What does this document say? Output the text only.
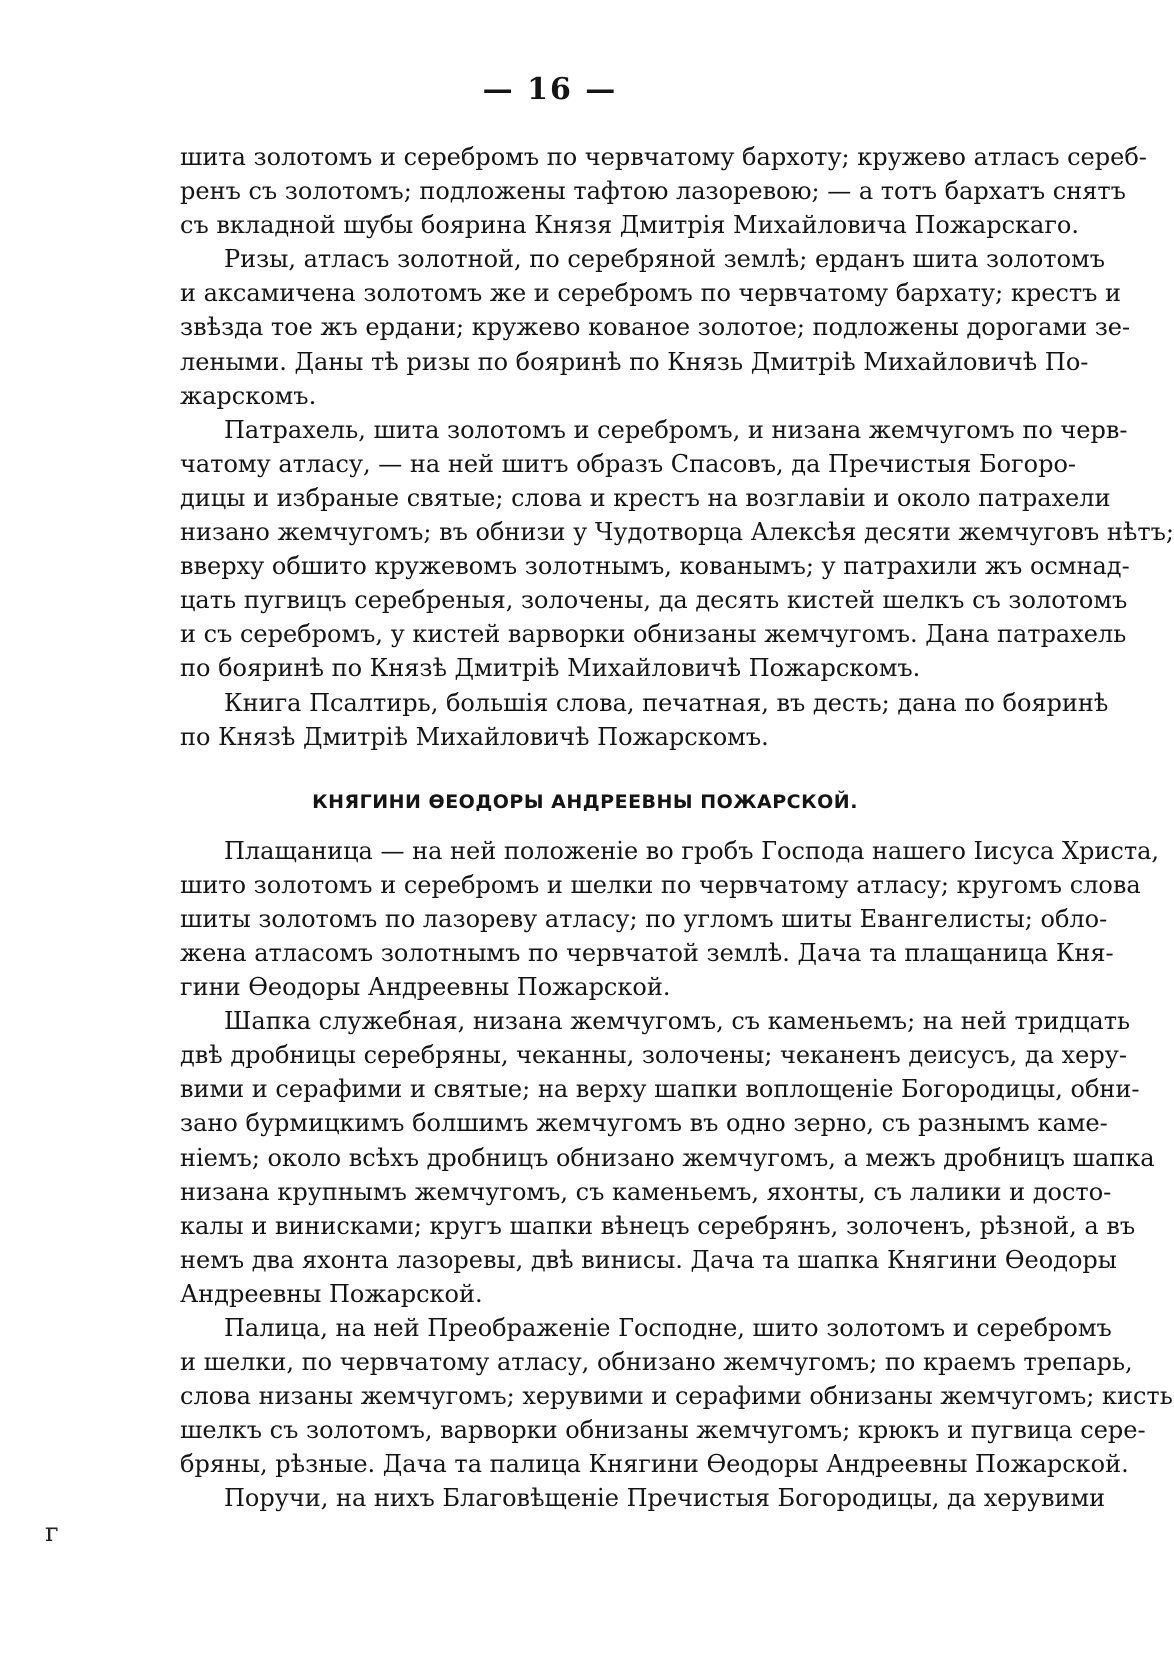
— 16 —
шита золотомъ и серебромъ по червчатому бархоту; кружево атласъ сереб-
ренъ съ золотомъ; подложены тафтою лазоревою; — а тотъ бархатъ снятъ
съ вкладной шубы боярина Князя Дмитрія Михайловича Пожарскаго.
Ризы, атласъ золотной, по серебряной землѣ; ерданъ шита золотомъ
и аксамичена золотомъ же и серебромъ по червчатому бархату; крестъ и
звѣзда тое жъ ердани; кружево кованое золотое; подложены дорогами зе-
леными. Даны тѣ ризы по бояринѣ по Князь Дмитріѣ Михайловичѣ По-
жарскомъ.
Патрахель, шита золотомъ и серебромъ, и низана жемчугомъ по черв-
чатому атласу, — на ней шитъ образъ Спасовъ, да Пречистыя Богоро-
дицы и избраные святые; слова и крестъ на возглавіи и около патрахели
низано жемчугомъ; въ обнизи у Чудотворца Алексѣя десяти жемчуговъ нѣтъ;
вверху обшито кружевомъ золотнымъ, кованымъ; у патрахили жъ осмнад-
цать пугвицъ серебреныя, золочены, да десять кистей шелкъ съ золотомъ
и съ серебромъ, у кистей варворки обнизаны жемчугомъ. Дана патрахель
по бояринѣ по Князѣ Дмитріѣ Михайловичѣ Пожарскомъ.
Книга Псалтирь, большія слова, печатная, въ десть; дана по бояринѣ
по Князѣ Дмитріѣ Михайловичѣ Пожарскомъ.
КНЯГИНИ ӨЕОДОРЫ АНДРЕЕВНЫ ПОЖАРСКОЙ.
Плащаница — на ней положеніе во гробъ Господа нашего Іисуса Христа,
шито золотомъ и серебромъ и шелки по червчатому атласу; кругомъ слова
шиты золотомъ по лазореву атласу; по угломъ шиты Евангелисты; обло-
жена атласомъ золотнымъ по червчатой землѣ. Дача та плащаница Кня-
гини Өеодоры Андреевны Пожарской.
Шапка служебная, низана жемчугомъ, съ каменьемъ; на ней тридцать
двѣ дробницы серебряны, чеканны, золочены; чеканенъ деисусъ, да херу-
вими и серафими и святые; на верху шапки воплощеніе Богородицы, обни-
зано бурмицкимъ болшимъ жемчугомъ въ одно зерно, съ разнымъ каме-
ніемъ; около всѣхъ дробницъ обнизано жемчугомъ, а межъ дробницъ шапка
низана крупнымъ жемчугомъ, съ каменьемъ, яхонты, съ лалики и досто-
калы и винисками; кругъ шапки вѣнецъ серебрянъ, золоченъ, рѣзной, а въ
немъ два яхонта лазоревы, двѣ винисы. Дача та шапка Княгини Өеодоры
Андреевны Пожарской.
Палица, на ней Преображеніе Господне, шито золотомъ и серебромъ
и шелки, по червчатому атласу, обнизано жемчугомъ; по краемъ трепарь,
слова низаны жемчугомъ; херувими и серафими обнизаны жемчугомъ; кисть
шелкъ съ золотомъ, варворки обнизаны жемчугомъ; крюкъ и пугвица сере-
бряны, рѣзные. Дача та палица Княгини Өеодоры Андреевны Пожарской.
Поручи, на нихъ Благовѣщеніе Пречистыя Богородицы, да херувими
г
